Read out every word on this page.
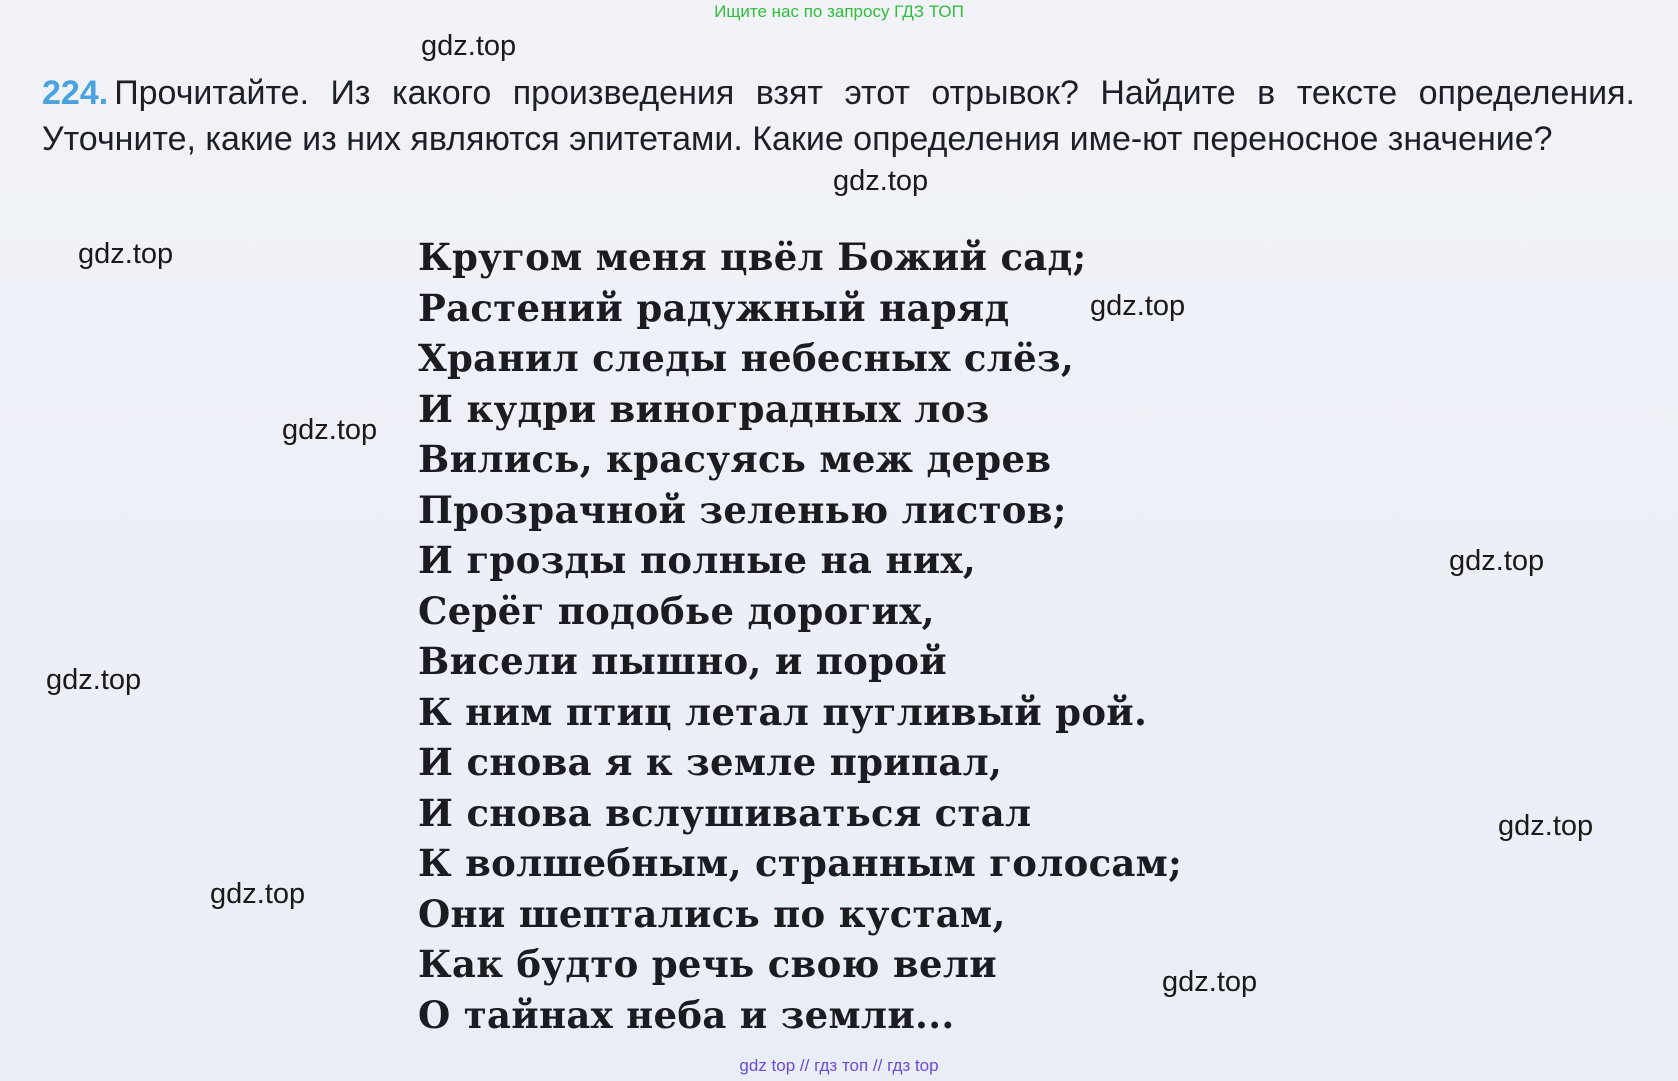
Ищите нас по запросу ГДЗ ТОП
224. Прочитайте. Из какого произведения взят этот отрывок? Найдите в тексте определения. Уточните, какие из них являются эпитетами. Какие определения име-ют переносное значение?
Кругом меня цвёл Божий сад;
Растений радужный наряд
Хранил следы небесных слёз,
И кудри виноградных лоз
Вились, красуясь меж дерев
Прозрачной зеленью листов;
И грозды полные на них,
Серёг подобье дорогих,
Висели пышно, и порой
К ним птиц летал пугливый рой.
И снова я к земле припал,
И снова вслушиваться стал
К волшебным, странным голосам;
Они шептались по кустам,
Как будто речь свою вели
О тайнах неба и земли...
gdz.top
gdz.top
gdz.top
gdz.top
gdz.top
gdz.top
gdz.top
gdz.top
gdz.top
gdz.top
gdz top // гдз топ // гдз top
